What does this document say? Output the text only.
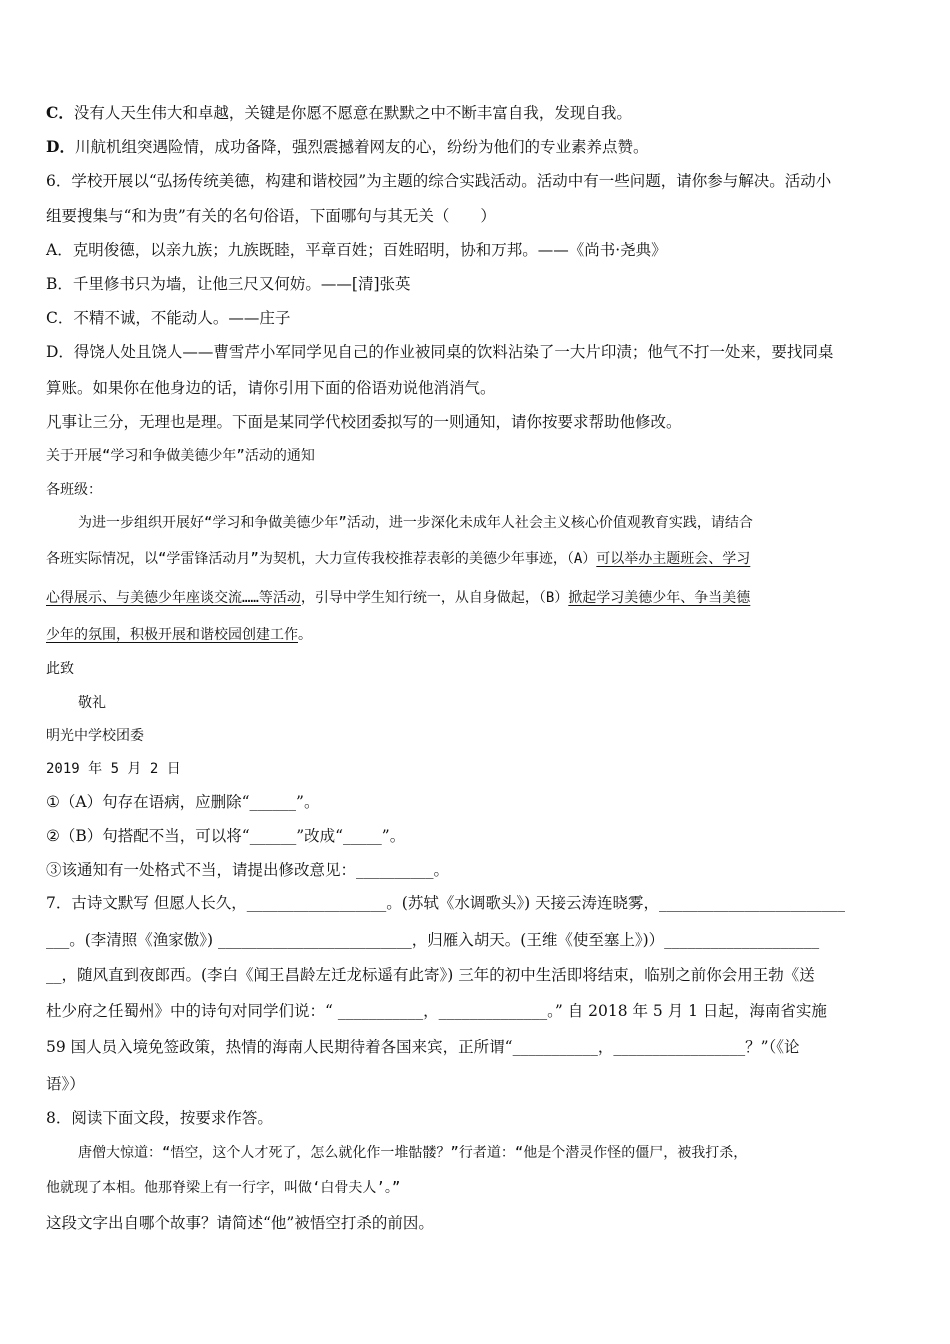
C．没有人天生伟大和卓越，关键是你愿不愿意在默默之中不断丰富自我，发现自我。
D．川航机组突遇险情，成功备降，强烈震撼着网友的心，纷纷为他们的专业素养点赞。
6．学校开展以“弘扬传统美德，构建和谐校园”为主题的综合实践活动。活动中有一些问题，请你参与解决。活动小
组要搜集与“和为贵”有关的名句俗语，下面哪句与其无关（　　）
A．克明俊德，以亲九族；九族既睦，平章百姓；百姓昭明，协和万邦。——《尚书·尧典》
B．千里修书只为墙，让他三尺又何妨。——[清]张英
C．不精不诚，不能动人。——庄子
D．得饶人处且饶人——曹雪芹小军同学见自己的作业被同桌的饮料沾染了一大片印渍；他气不打一处来，要找同桌
算账。如果你在他身边的话，请你引用下面的俗语劝说他消消气。
凡事让三分，无理也是理。下面是某同学代校团委拟写的一则通知，请你按要求帮助他修改。
关于开展“学习和争做美德少年”活动的通知
各班级：
为进一步组织开展好“学习和争做美德少年”活动，进一步深化未成年人社会主义核心价值观教育实践，请结合
各班实际情况，以“学雷锋活动月”为契机，大力宣传我校推荐表彰的美德少年事迹，（A）可以举办主题班会、学习
心得展示、与美德少年座谈交流……等活动，引导中学生知行统一，从自身做起，（B）掀起学习美德少年、争当美德
少年的氛围，积极开展和谐校园创建工作。
此致
敬礼
明光中学校团委
2019 年 5 月 2 日
①（A）句存在语病，应删除“______”。
②（B）句搭配不当，可以将“______”改成“_____”。
③该通知有一处格式不当，请提出修改意见：__________。
7．古诗文默写 但愿人长久，__________________。(苏轼《水调歌头》) 天接云涛连晓雾，________________________
___。(李清照《渔家傲》) _________________________，归雁入胡天。(王维《使至塞上》)）____________________
__，随风直到夜郎西。(李白《闻王昌龄左迁龙标遥有此寄》) 三年的初中生活即将结束，临别之前你会用王勃《送
杜少府之任蜀州》中的诗句对同学们说：“ ___________，______________。” 自 2018 年 5 月 1 日起，海南省实施
59 国人员入境免签政策，热情的海南人民期待着各国来宾，正所谓“___________，_________________？”（《论
语》）
8．阅读下面文段，按要求作答。
唐僧大惊道：“悟空，这个人才死了，怎么就化作一堆骷髅？”行者道：“他是个潜灵作怪的僵尸，被我打杀，
他就现了本相。他那脊梁上有一行字，叫做‘白骨夫人’。”
这段文字出自哪个故事？请简述“他”被悟空打杀的前因。
